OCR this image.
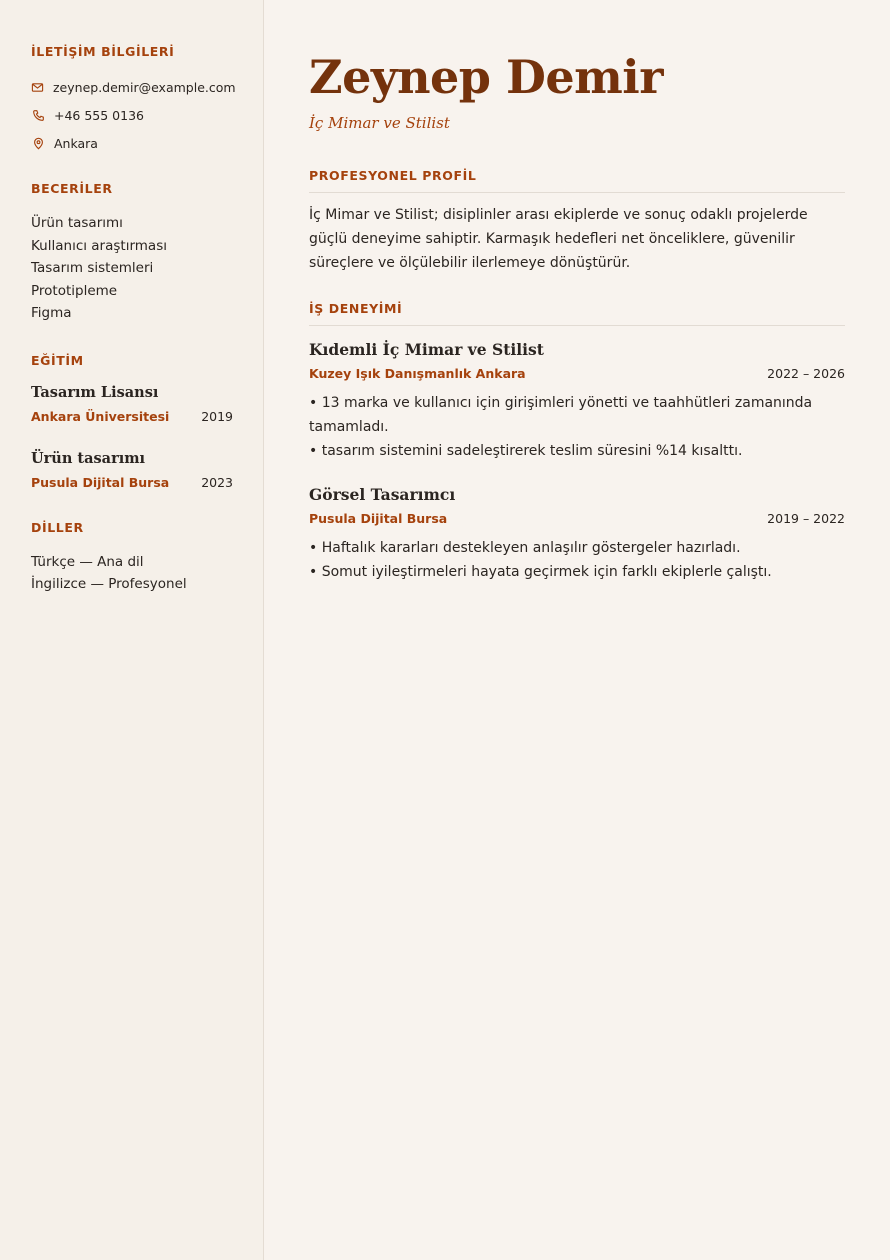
İLETİŞİM BİLGİLERİ
zeynep.demir@example.com
+46 555 0136
Ankara
BECERİLER
Ürün tasarımı
Kullanıcı araştırması
Tasarım sistemleri
Prototipleme
Figma
EĞİTİM
Tasarım Lisansı
Ankara Üniversitesi	2019
Ürün tasarımı
Pusula Dijital Bursa	2023
DİLLER
Türkçe — Ana dil
İngilizce — Profesyonel
Zeynep Demir
İç Mimar ve Stilist
PROFESYONEL PROFİL

İç Mimar ve Stilist; disiplinler arası ekiplerde ve sonuç odaklı projelerde güçlü deneyime sahiptir. Karmaşık hedefleri net önceliklere, güvenilir süreçlere ve ölçülebilir ilerlemeye dönüştürür.

İŞ DENEYİMİ
Kıdemli İç Mimar ve Stilist
Kuzey Işık Danışmanlık Ankara	2022 – 2026
• 13 marka ve kullanıcı için girişimleri yönetti ve taahhütleri zamanında tamamladı.
• tasarım sistemini sadeleştirerek teslim süresini %14 kısalttı.
Görsel Tasarımcı
Pusula Dijital Bursa	2019 – 2022
• Haftalık kararları destekleyen anlaşılır göstergeler hazırladı.
• Somut iyileştirmeleri hayata geçirmek için farklı ekiplerle çalıştı.
